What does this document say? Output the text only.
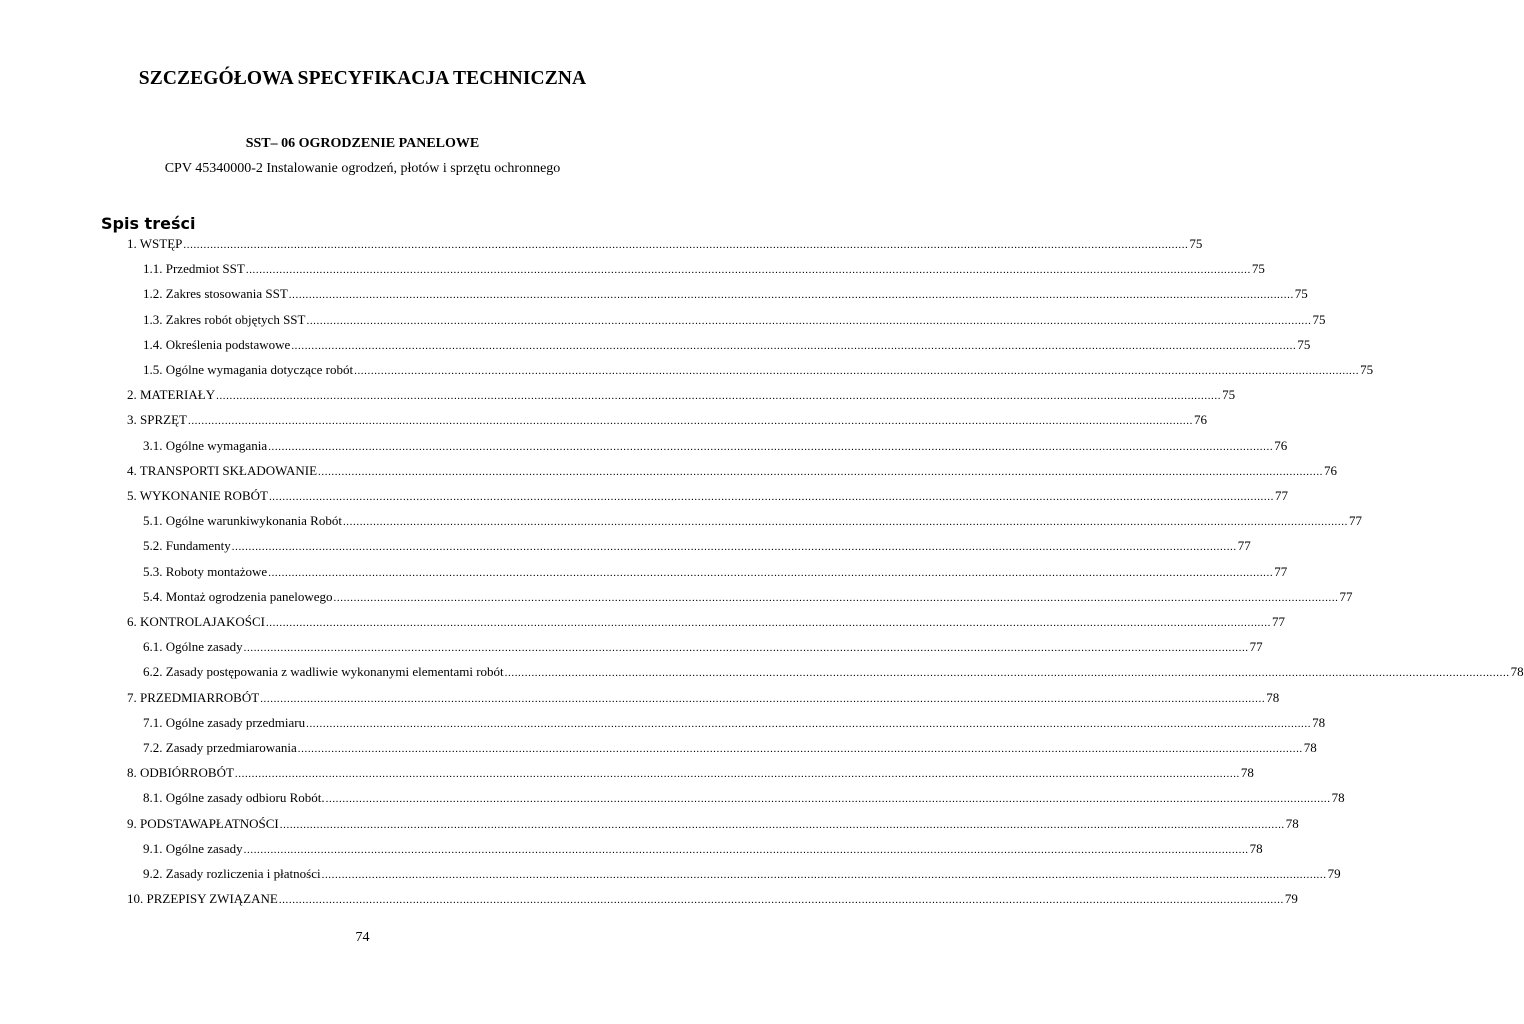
SZCZEGÓŁOWA SPECYFIKACJA TECHNICZNA
SST– 06 OGRODZENIE PANELOWE
CPV 45340000-2 Instalowanie ogrodzeń, płotów i sprzętu ochronnego
Spis treści
1. WSTĘP ............................................................................................................................................................................................................................................................................................................ 75
1.1. Przedmiot SST ............................................................................................................................................................................................................................................................................................................ 75
1.2. Zakres stosowania SST ............................................................................................................................................................................................................................................................................................................ 75
1.3. Zakres robót objętych SST ............................................................................................................................................................................................................................................................................................................ 75
1.4. Określenia podstawowe ............................................................................................................................................................................................................................................................................................................ 75
1.5. Ogólne wymagania dotyczące robót ............................................................................................................................................................................................................................................................................................................ 75
2. MATERIAŁY ............................................................................................................................................................................................................................................................................................................ 75
3. SPRZĘT ............................................................................................................................................................................................................................................................................................................ 76
3.1. Ogólne wymagania ............................................................................................................................................................................................................................................................................................................ 76
4. TRANSPORTI SKŁADOWANIE ............................................................................................................................................................................................................................................................................................................ 76
5. WYKONANIE ROBÓT ............................................................................................................................................................................................................................................................................................................ 77
5.1. Ogólne warunkiwykonania Robót ............................................................................................................................................................................................................................................................................................................ 77
5.2. Fundamenty ............................................................................................................................................................................................................................................................................................................ 77
5.3. Roboty montażowe ............................................................................................................................................................................................................................................................................................................ 77
5.4. Montaż ogrodzenia panelowego ............................................................................................................................................................................................................................................................................................................ 77
6. KONTROLAJAKOŚCI ............................................................................................................................................................................................................................................................................................................ 77
6.1. Ogólne zasady ............................................................................................................................................................................................................................................................................................................ 77
6.2. Zasady postępowania z wadliwie wykonanymi elementami robót ............................................................................................................................................................................................................................................................................................................ 78
7. PRZEDMIARROBÓT ............................................................................................................................................................................................................................................................................................................ 78
7.1. Ogólne zasady przedmiaru ............................................................................................................................................................................................................................................................................................................ 78
7.2. Zasady przedmiarowania ............................................................................................................................................................................................................................................................................................................ 78
8. ODBIÓRROBÓT ............................................................................................................................................................................................................................................................................................................ 78
8.1. Ogólne zasady odbioru Robót. ............................................................................................................................................................................................................................................................................................................ 78
9. PODSTAWAPŁATNOŚCI ............................................................................................................................................................................................................................................................................................................ 78
9.1. Ogólne zasady ............................................................................................................................................................................................................................................................................................................ 78
9.2. Zasady rozliczenia i płatności ............................................................................................................................................................................................................................................................................................................ 79
10. PRZEPISY ZWIĄZANE ............................................................................................................................................................................................................................................................................................................ 79
74
